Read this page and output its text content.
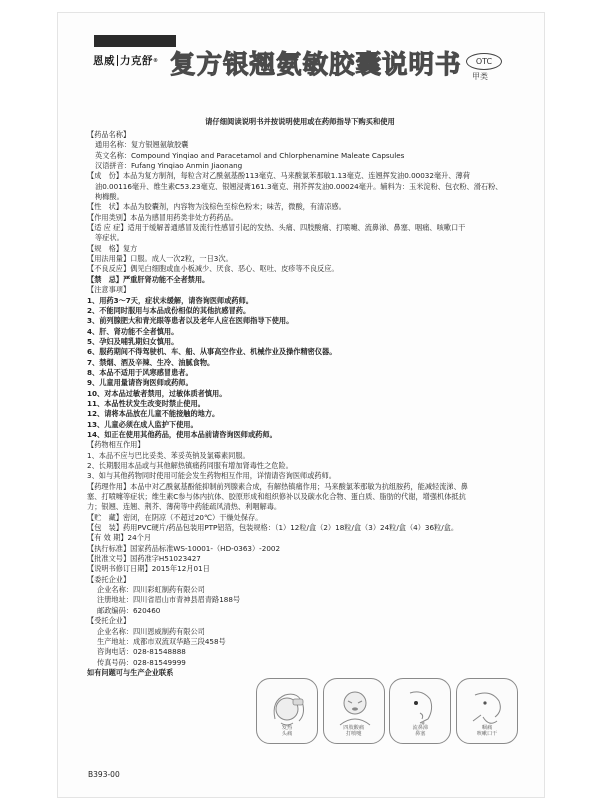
恩威 力克舒 ® 复方银翘氨敏胶囊说明书	OTC
甲类
请仔细阅读说明书并按说明使用或在药师指导下购买和使用
【药品名称】
通用名称：复方银翘氨敏胶囊
英文名称：Compound Yinqiao and Paracetamol and Chlorphenamine Maleate Capsules
汉语拼音：Fufang Yinqiao Anmin Jiaonang
【成　份】本品为复方制剂，每粒含对乙酰氨基酚113毫克、马来酸氯苯那敏1.13毫克、连翘挥发油0.00032毫升、薄荷
油0.00116毫升、维生素C53.23毫克、银翘浸膏161.3毫克、荆芥挥发油0.00024毫升。辅料为：玉米淀粉、包衣粉、滑石粉、
枸橼酸。
【性　状】本品为胶囊剂，内容物为浅棕色至棕色粉末；味苦，微酸，有清凉感。
【作用类别】本品为感冒用药类非处方药药品。
【适 应 症】适用于缓解普通感冒及流行性感冒引起的发热、头痛、四肢酸痛、打喷嚏、流鼻涕、鼻塞、咽痛、咳嗽口干
等症状。
【规　格】复方
【用法用量】口服。成人一次2粒，一日3次。
【不良反应】偶见白细胞或血小板减少、厌食、恶心、呕吐、皮疹等不良反应。
【禁　忌】严重肝肾功能不全者禁用。
【注意事项】
1、用药3～7天，症状未缓解，请咨询医师或药师。
2、不能同时服用与本品成份相似的其他抗感冒药。
3、前列腺肥大和青光眼等患者以及老年人应在医师指导下使用。
4、肝、肾功能不全者慎用。
5、孕妇及哺乳期妇女慎用。
6、服药期间不得驾驶机、车、船、从事高空作业、机械作业及操作精密仪器。
7、禁烟、酒及辛辣、生冷、油腻食物。
8、本品不适用于风寒感冒患者。
9、儿童用量请咨询医师或药师。
10、对本品过敏者禁用，过敏体质者慎用。
11、本品性状发生改变时禁止使用。
12、请将本品放在儿童不能接触的地方。
13、儿童必须在成人监护下使用。
14、如正在使用其他药品，使用本品前请咨询医师或药师。
【药物相互作用】
1、本品不应与巴比妥类、苯妥英钠及氯霉素同服。
2、长期服用本品或与其他解热镇痛药同服有增加肾毒性之危险。
3、如与其他药物同时使用可能会发生药物相互作用，详情请咨询医师或药师。
【药理作用】本品中对乙酰氨基酚能抑制前列腺素合成，有解热镇痛作用；马来酸氯苯那敏为抗组胺药，能减轻流涕、鼻
塞、打喷嚏等症状；维生素C参与体内抗体、胶原形成和组织修补以及碳水化合物、蛋白质、脂肪的代谢，增强机体抵抗
力；银翘、连翘、荆芥、薄荷等中药能疏风清热、利咽解毒。
【贮　藏】密闭，在阴凉（不超过20℃）干燥处保存。
【包　装】药用PVC硬片/药品包装用PTP铝箔，包装规格：（1）12粒/盒（2）18粒/盒（3）24粒/盒（4）36粒/盒。
【有 效 期】24个月
【执行标准】国家药品标准WS-10001-（HD-0363）-2002
【批准文号】国药准字H51023427
【说明书修订日期】2015年12月01日
【委托企业】
企业名称：四川彩虹制药有限公司
注册地址：四川省眉山市青神县眉青路188号
邮政编码：620460
【受托企业】
企业名称：四川恩威制药有限公司
生产地址：成都市双流双华路三段458号
咨询电话：028-81548888
传真号码：028-81549999
如有问题可与生产企业联系
发热
头痛
四肢酸痛
打喷嚏
流鼻涕
鼻塞
咽痛
咳嗽口干
B393-00
